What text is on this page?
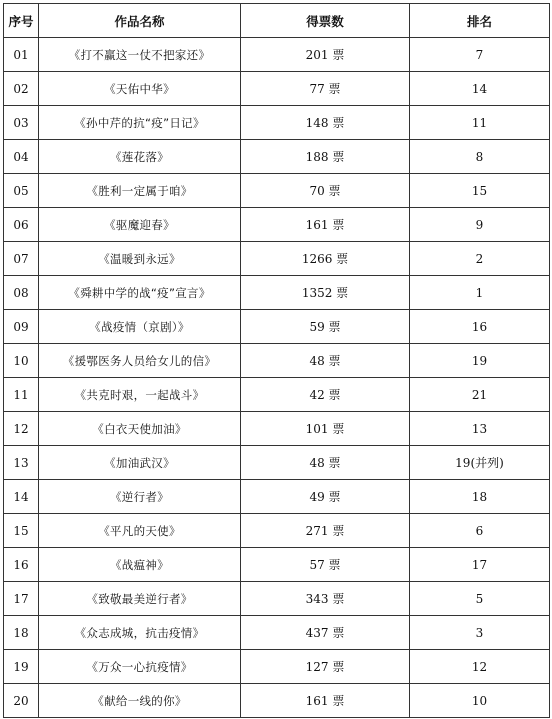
序号	作品名称	得票数	排名
01	《打不赢这一仗不把家还》	201 票	7
02	《天佑中华》	77 票	14
03	《孙中芹的抗“疫”日记》	148 票	11
04	《莲花落》	188 票	8
05	《胜利一定属于咱》	70 票	15
06	《驱魔迎春》	161 票	9
07	《温暖到永远》	1266 票	2
08	《舜耕中学的战“疫”宣言》	1352 票	1
09	《战疫情（京剧）》	59 票	16
10	《援鄂医务人员给女儿的信》	48 票	19
11	《共克时艰，一起战斗》	42 票	21
12	《白衣天使加油》	101 票	13
13	《加油武汉》	48 票	19(并列)
14	《逆行者》	49 票	18
15	《平凡的天使》	271 票	6
16	《战瘟神》	57 票	17
17	《致敬最美逆行者》	343 票	5
18	《众志成城，抗击疫情》	437 票	3
19	《万众一心抗疫情》	127 票	12
20	《献给一线的你》	161 票	10
